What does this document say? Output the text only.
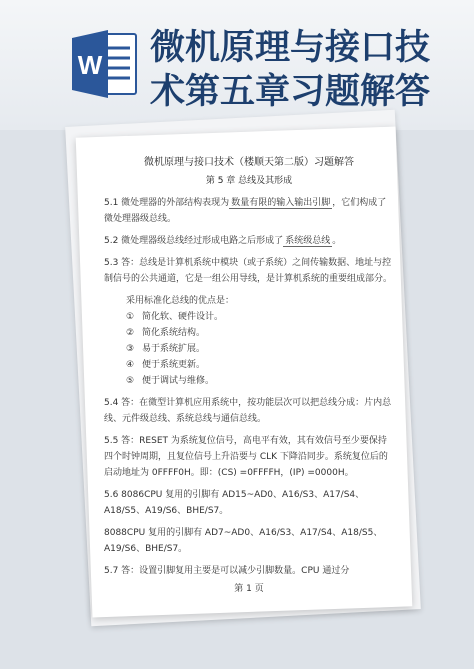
W 微机原理与接口技
术第五章习题解答
微机原理与接口技术（楼顺天第二版）习题解答
第 5 章 总线及其形成
5.1 微处理器的外部结构表现为 数量有限的输入输出引脚 ，它们构成了微处理器级总线。
5.2 微处理器级总线经过形成电路之后形成了 系统级总线 。
5.3 答：总线是计算机系统中模块（或子系统）之间传输数据、地址与控制信号的公共通道，它是一组公用导线，是计算机系统的重要组成部分。
采用标准化总线的优点是：
① 简化软、硬件设计。
② 简化系统结构。
③ 易于系统扩展。
④ 便于系统更新。
⑤ 便于调试与维修。
5.4 答：在微型计算机应用系统中，按功能层次可以把总线分成：片内总线、元件级总线、系统总线与通信总线。
5.5 答：RESET 为系统复位信号，高电平有效，其有效信号至少要保持四个时钟周期，且复位信号上升沿要与 CLK 下降沿同步。系统复位后的启动地址为 0FFFF0H。即：(CS) =0FFFFH，(IP) =0000H。
5.6 8086CPU 复用的引脚有 AD15~AD0、A16/S3、A17/S4、A18/S5、A19/S6、BHE/S7。
8088CPU 复用的引脚有 AD7~AD0、A16/S3、A17/S4、A18/S5、A19/S6、BHE/S7。
5.7 答：设置引脚复用主要是可以减少引脚数量。CPU 通过分
第 1 页
